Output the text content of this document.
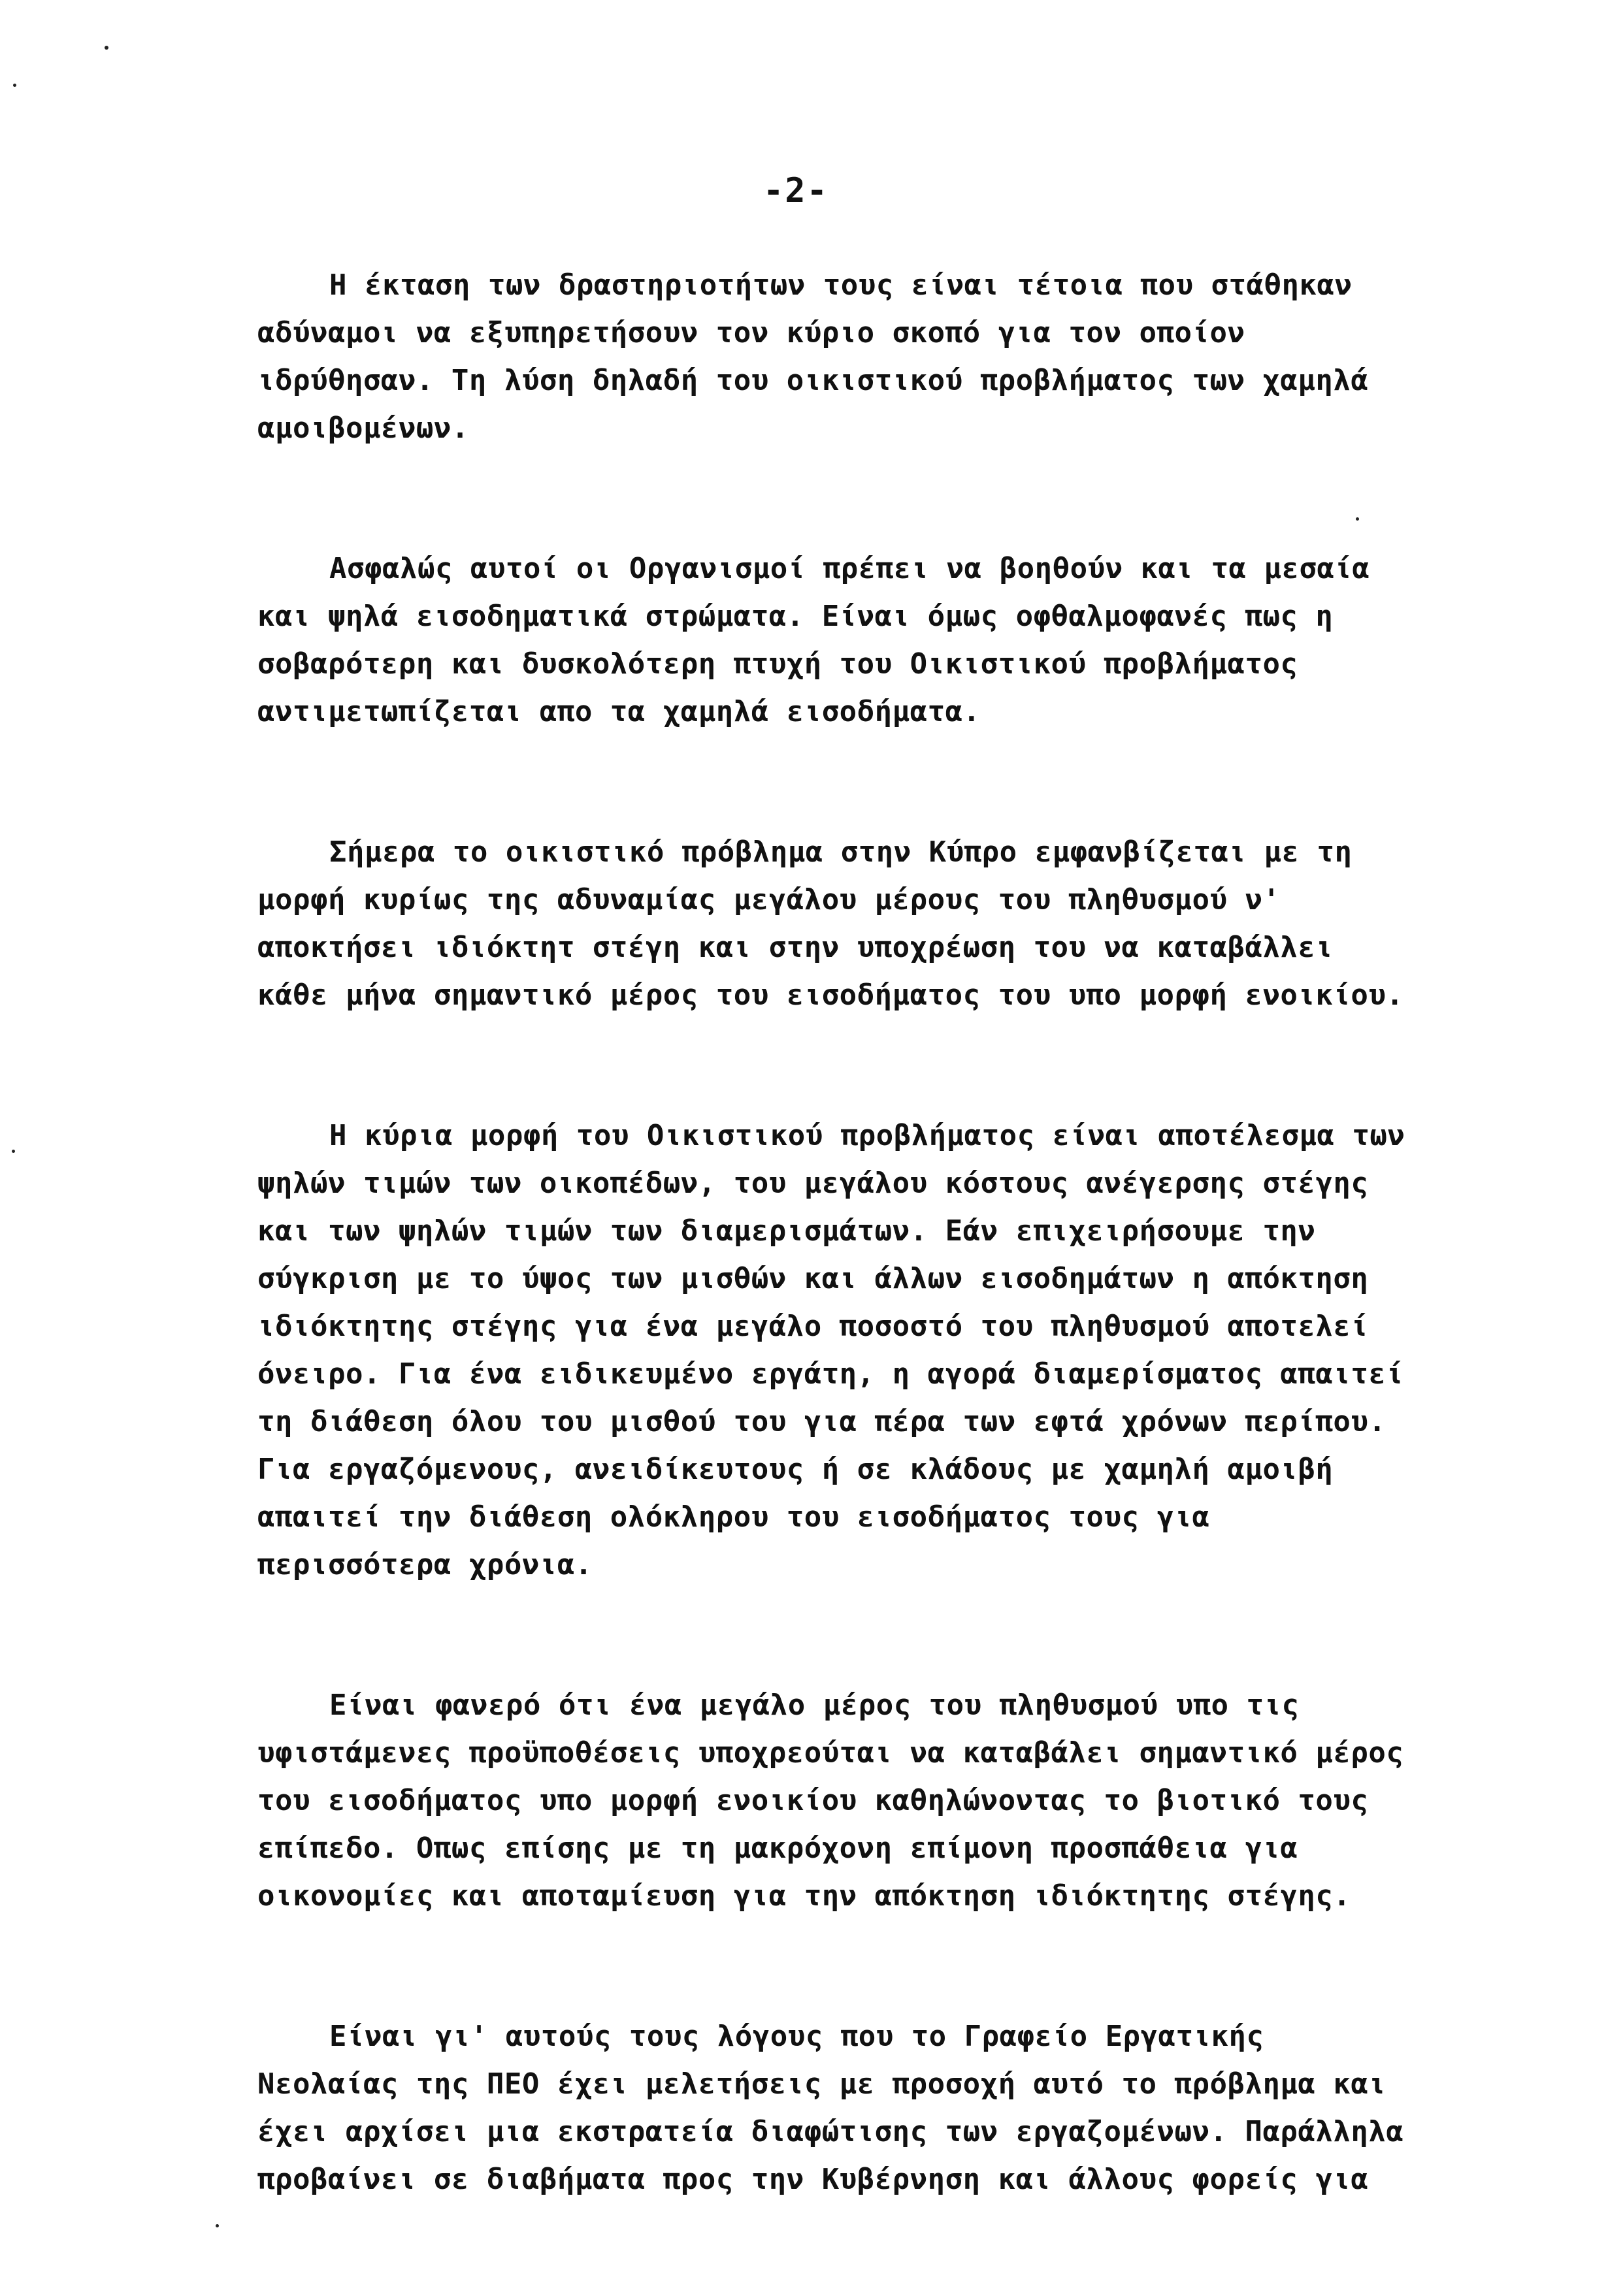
-2-

Η έκταση των δραστηριοτήτων τους είναι τέτοια που στάθηκαν
αδύναμοι να εξυπηρετήσουν τον κύριο σκοπό για τον οποίον
ιδρύθησαν. Τη λύση δηλαδή του οικιστικού προβλήματος των χαμηλά
αμοιβομένων.

Ασφαλώς αυτοί οι Οργανισμοί πρέπει να βοηθούν και τα μεσαία
και ψηλά εισοδηματικά στρώματα. Είναι όμως οφθαλμοφανές πως η
σοβαρότερη και δυσκολότερη πτυχή του Οικιστικού προβλήματος
αντιμετωπίζεται απο τα χαμηλά εισοδήματα.

Σήμερα το οικιστικό πρόβλημα στην Κύπρο εμφανβίζεται με τη
μορφή κυρίως της αδυναμίας μεγάλου μέρους του πληθυσμού ν'
αποκτήσει ιδιόκτητ στέγη και στην υποχρέωση του να καταβάλλει
κάθε μήνα σημαντικό μέρος του εισοδήματος του υπο μορφή ενοικίου.

Η κύρια μορφή του Οικιστικού προβλήματος είναι αποτέλεσμα των
ψηλών τιμών των οικοπέδων, του μεγάλου κόστους ανέγερσης στέγης
και των ψηλών τιμών των διαμερισμάτων. Εάν επιχειρήσουμε την
σύγκριση με το ύψος των μισθών και άλλων εισοδημάτων η απόκτηση
ιδιόκτητης στέγης για ένα μεγάλο ποσοστό του πληθυσμού αποτελεί
όνειρο. Για ένα ειδικευμένο εργάτη, η αγορά διαμερίσματος απαιτεί
τη διάθεση όλου του μισθού του για πέρα των εφτά χρόνων περίπου.
Για εργαζόμενους, ανειδίκευτους ή σε κλάδους με χαμηλή αμοιβή
απαιτεί την διάθεση ολόκληρου του εισοδήματος τους για
περισσότερα χρόνια.

Είναι φανερό ότι ένα μεγάλο μέρος του πληθυσμού υπο τις
υφιστάμενες προϋποθέσεις υποχρεούται να καταβάλει σημαντικό μέρος
του εισοδήματος υπο μορφή ενοικίου καθηλώνοντας το βιοτικό τους
επίπεδο. Οπως επίσης με τη μακρόχονη επίμονη προσπάθεια για
οικονομίες και αποταμίευση για την απόκτηση ιδιόκτητης στέγης.

Είναι γι' αυτούς τους λόγους που το Γραφείο Εργατικής
Νεολαίας της ΠΕΟ έχει μελετήσεις με προσοχή αυτό το πρόβλημα και
έχει αρχίσει μια εκστρατεία διαφώτισης των εργαζομένων. Παράλληλα
προβαίνει σε διαβήματα προς την Κυβέρνηση και άλλους φορείς για
